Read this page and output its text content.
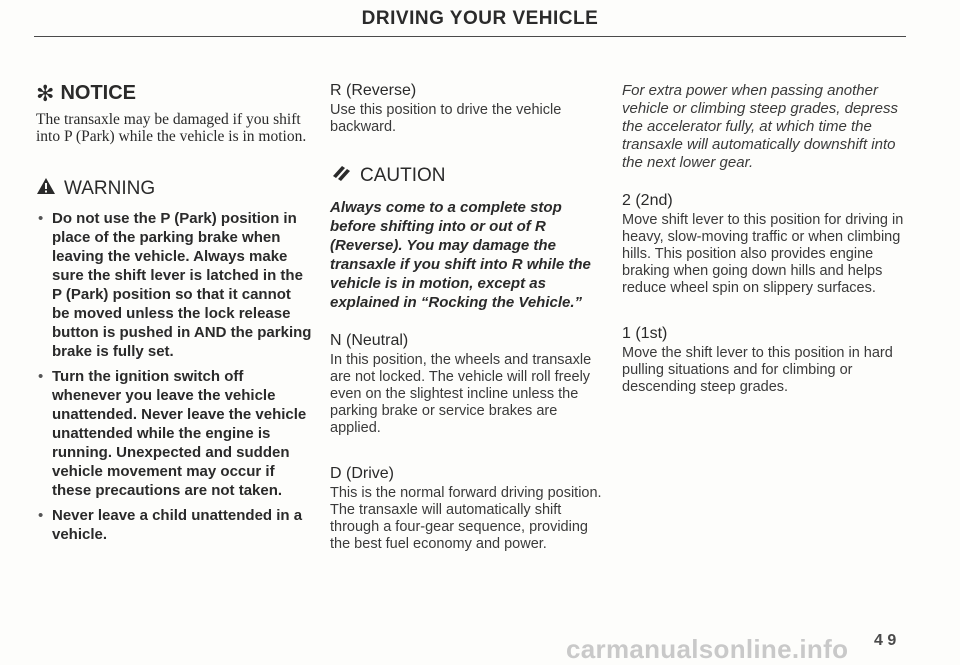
DRIVING YOUR VEHICLE
✻ NOTICE
The transaxle may be damaged if you shift into P (Park) while the vehicle is in motion.
WARNING
• Do not use the P (Park) position in place of the parking brake when leaving the vehicle. Always make sure the shift lever is latched in the P (Park) position so that it cannot be moved unless the lock release button is pushed in AND the parking brake is fully set.
• Turn the ignition switch off whenever you leave the vehicle unattended. Never leave the vehicle unattended while the engine is running. Unexpected and sudden vehicle movement may occur if these precautions are not taken.
• Never leave a child unattended in a vehicle.
R (Reverse)
Use this position to drive the vehicle backward.
CAUTION
Always come to a complete stop before shifting into or out of R (Reverse). You may damage the transaxle if you shift into R while the vehicle is in motion, except as explained in “Rocking the Vehicle.”
N (Neutral)
In this position, the wheels and transaxle are not locked. The vehicle will roll freely even on the slightest incline unless the parking brake or service brakes are applied.
D (Drive)
This is the normal forward driving position. The transaxle will automatically shift through a four-gear sequence, providing the best fuel economy and power.
For extra power when passing another vehicle or climbing steep grades, depress the accelerator fully, at which time the transaxle will automatically downshift into the next lower gear.
2 (2nd)
Move shift lever to this position for driving in heavy, slow-moving traffic or when climbing hills. This position also provides engine braking when going down hills and helps reduce wheel spin on slippery surfaces.
1 (1st)
Move the shift lever to this position in hard pulling situations and for climbing or descending steep grades.
carmanualsonline.info 4 9
